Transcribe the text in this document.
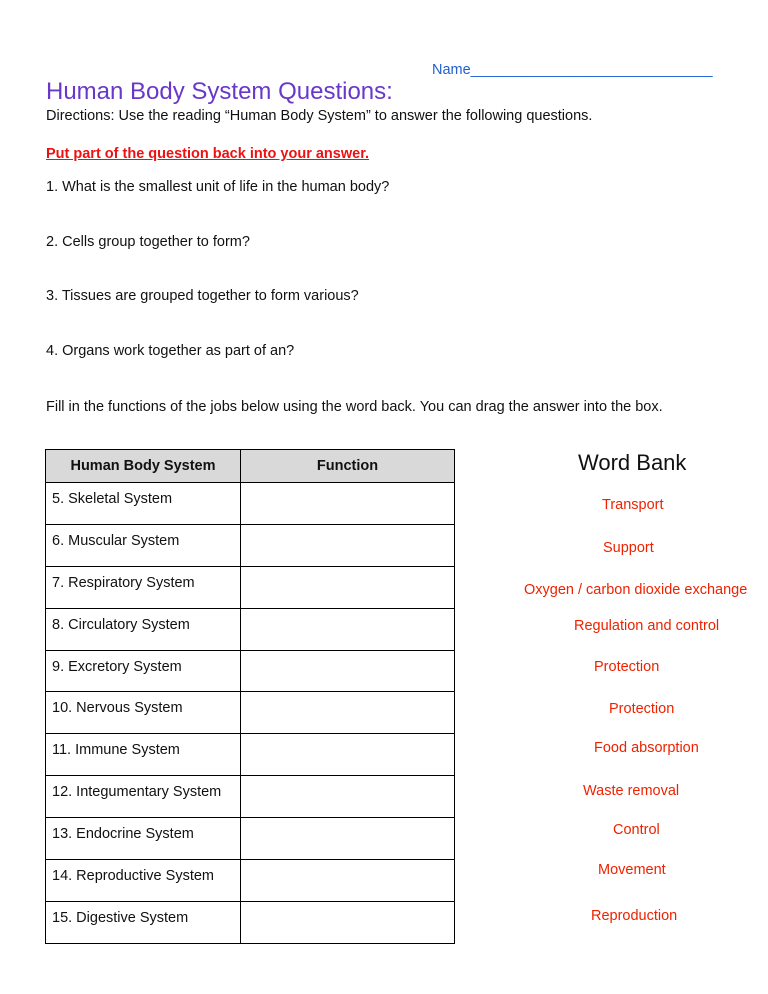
Name______________________________
Human Body System Questions:
Directions: Use the reading “Human Body System” to answer the following questions.
Put part of the question back into your answer.
1. What is the smallest unit of life in the human body?
2. Cells group together to form?
3. Tissues are grouped together to form various?
4. Organs work together as part of an?
Fill in the functions of the jobs below using the word back. You can drag the answer into the box.
Human Body System	Function

5. Skeletal System	

6. Muscular System	

7. Respiratory System	

8. Circulatory System	

9. Excretory System	

10. Nervous System	

11. Immune System	

12. Integumentary System	

13. Endocrine System	

14. Reproductive System	

15. Digestive System	

Word Bank
Transport
Support
Oxygen / carbon dioxide exchange
Regulation and control
Protection
Protection
Food absorption
Waste removal
Control
Movement
Reproduction
